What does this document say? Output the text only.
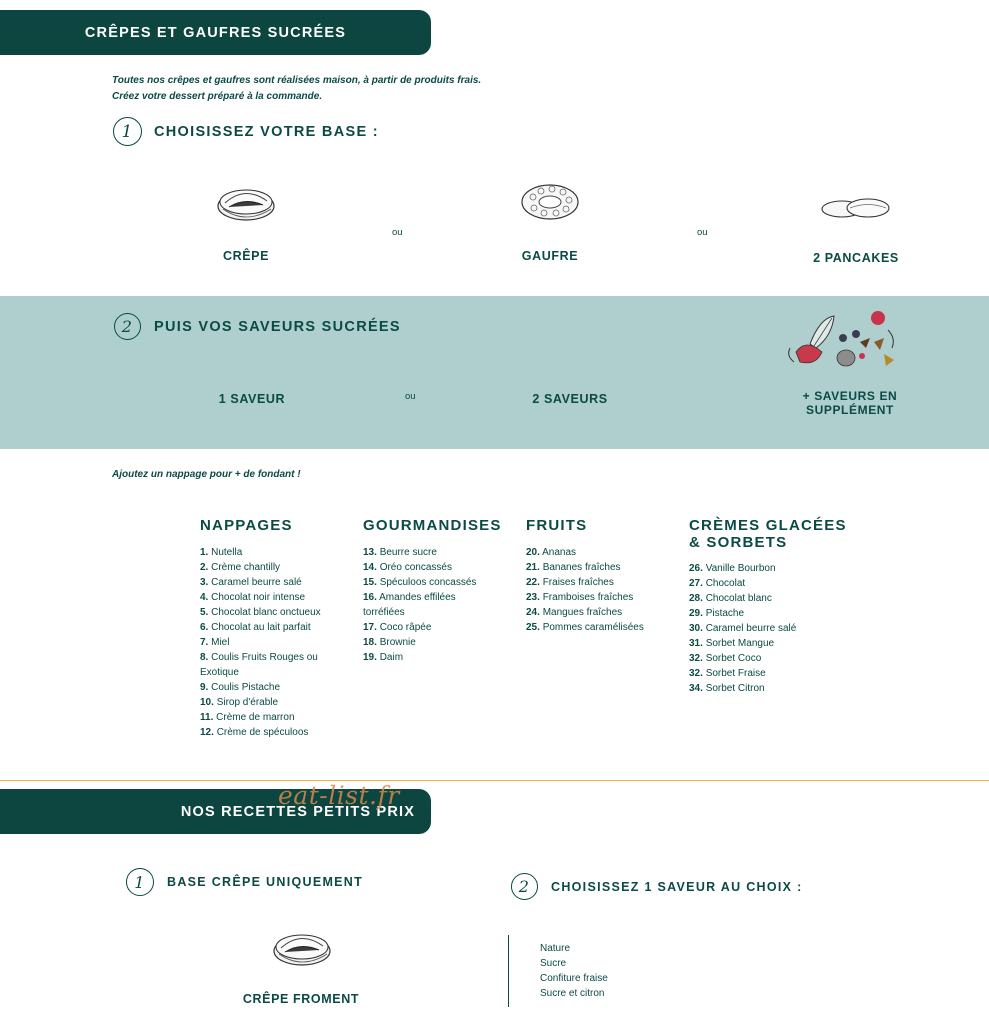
CRÊPES ET GAUFRES SUCRÉES
Toutes nos crêpes et gaufres sont réalisées maison, à partir de produits frais.
Créez votre dessert préparé à la commande.
1	CHOISISSEZ VOTRE BASE :
CRÊPE
ou
GAUFRE
ou
2 PANCAKES
2	PUIS VOS SAVEURS SUCRÉES
1 SAVEUR	ou	2 SAVEURS	+ SAVEURS EN SUPPLÉMENT
Ajoutez un nappage pour + de fondant !
NAPPAGES
1. Nutella
2. Crème chantilly
3. Caramel beurre salé
4. Chocolat noir intense
5. Chocolat blanc onctueux
6. Chocolat au lait parfait
7. Miel
8. Coulis Fruits Rouges ou Exotique
9. Coulis Pistache
10. Sirop d'érable
11. Crème de marron
12. Crème de spéculoos
GOURMANDISES
13. Beurre sucre
14. Oréo concassés
15. Spéculoos concassés
16. Amandes effilées torréfiées
17. Coco râpée
18. Brownie
19. Daim
FRUITS
20. Ananas
21. Bananes fraîches
22. Fraises fraîches
23. Framboises fraîches
24. Mangues fraîches
25. Pommes caramélisées
CRÈMES GLACÉES & SORBETS
26. Vanille Bourbon
27. Chocolat
28. Chocolat blanc
29. Pistache
30. Caramel beurre salé
31. Sorbet Mangue
32. Sorbet Coco
32. Sorbet Fraise
34. Sorbet Citron
NOS RECETTES PETITS PRIX
eat-list.fr
1	BASE CRÊPE UNIQUEMENT
CRÊPE FROMENT
2	CHOISISSEZ 1 SAVEUR AU CHOIX :
Nature
Sucre
Confiture fraise
Sucre et citron
